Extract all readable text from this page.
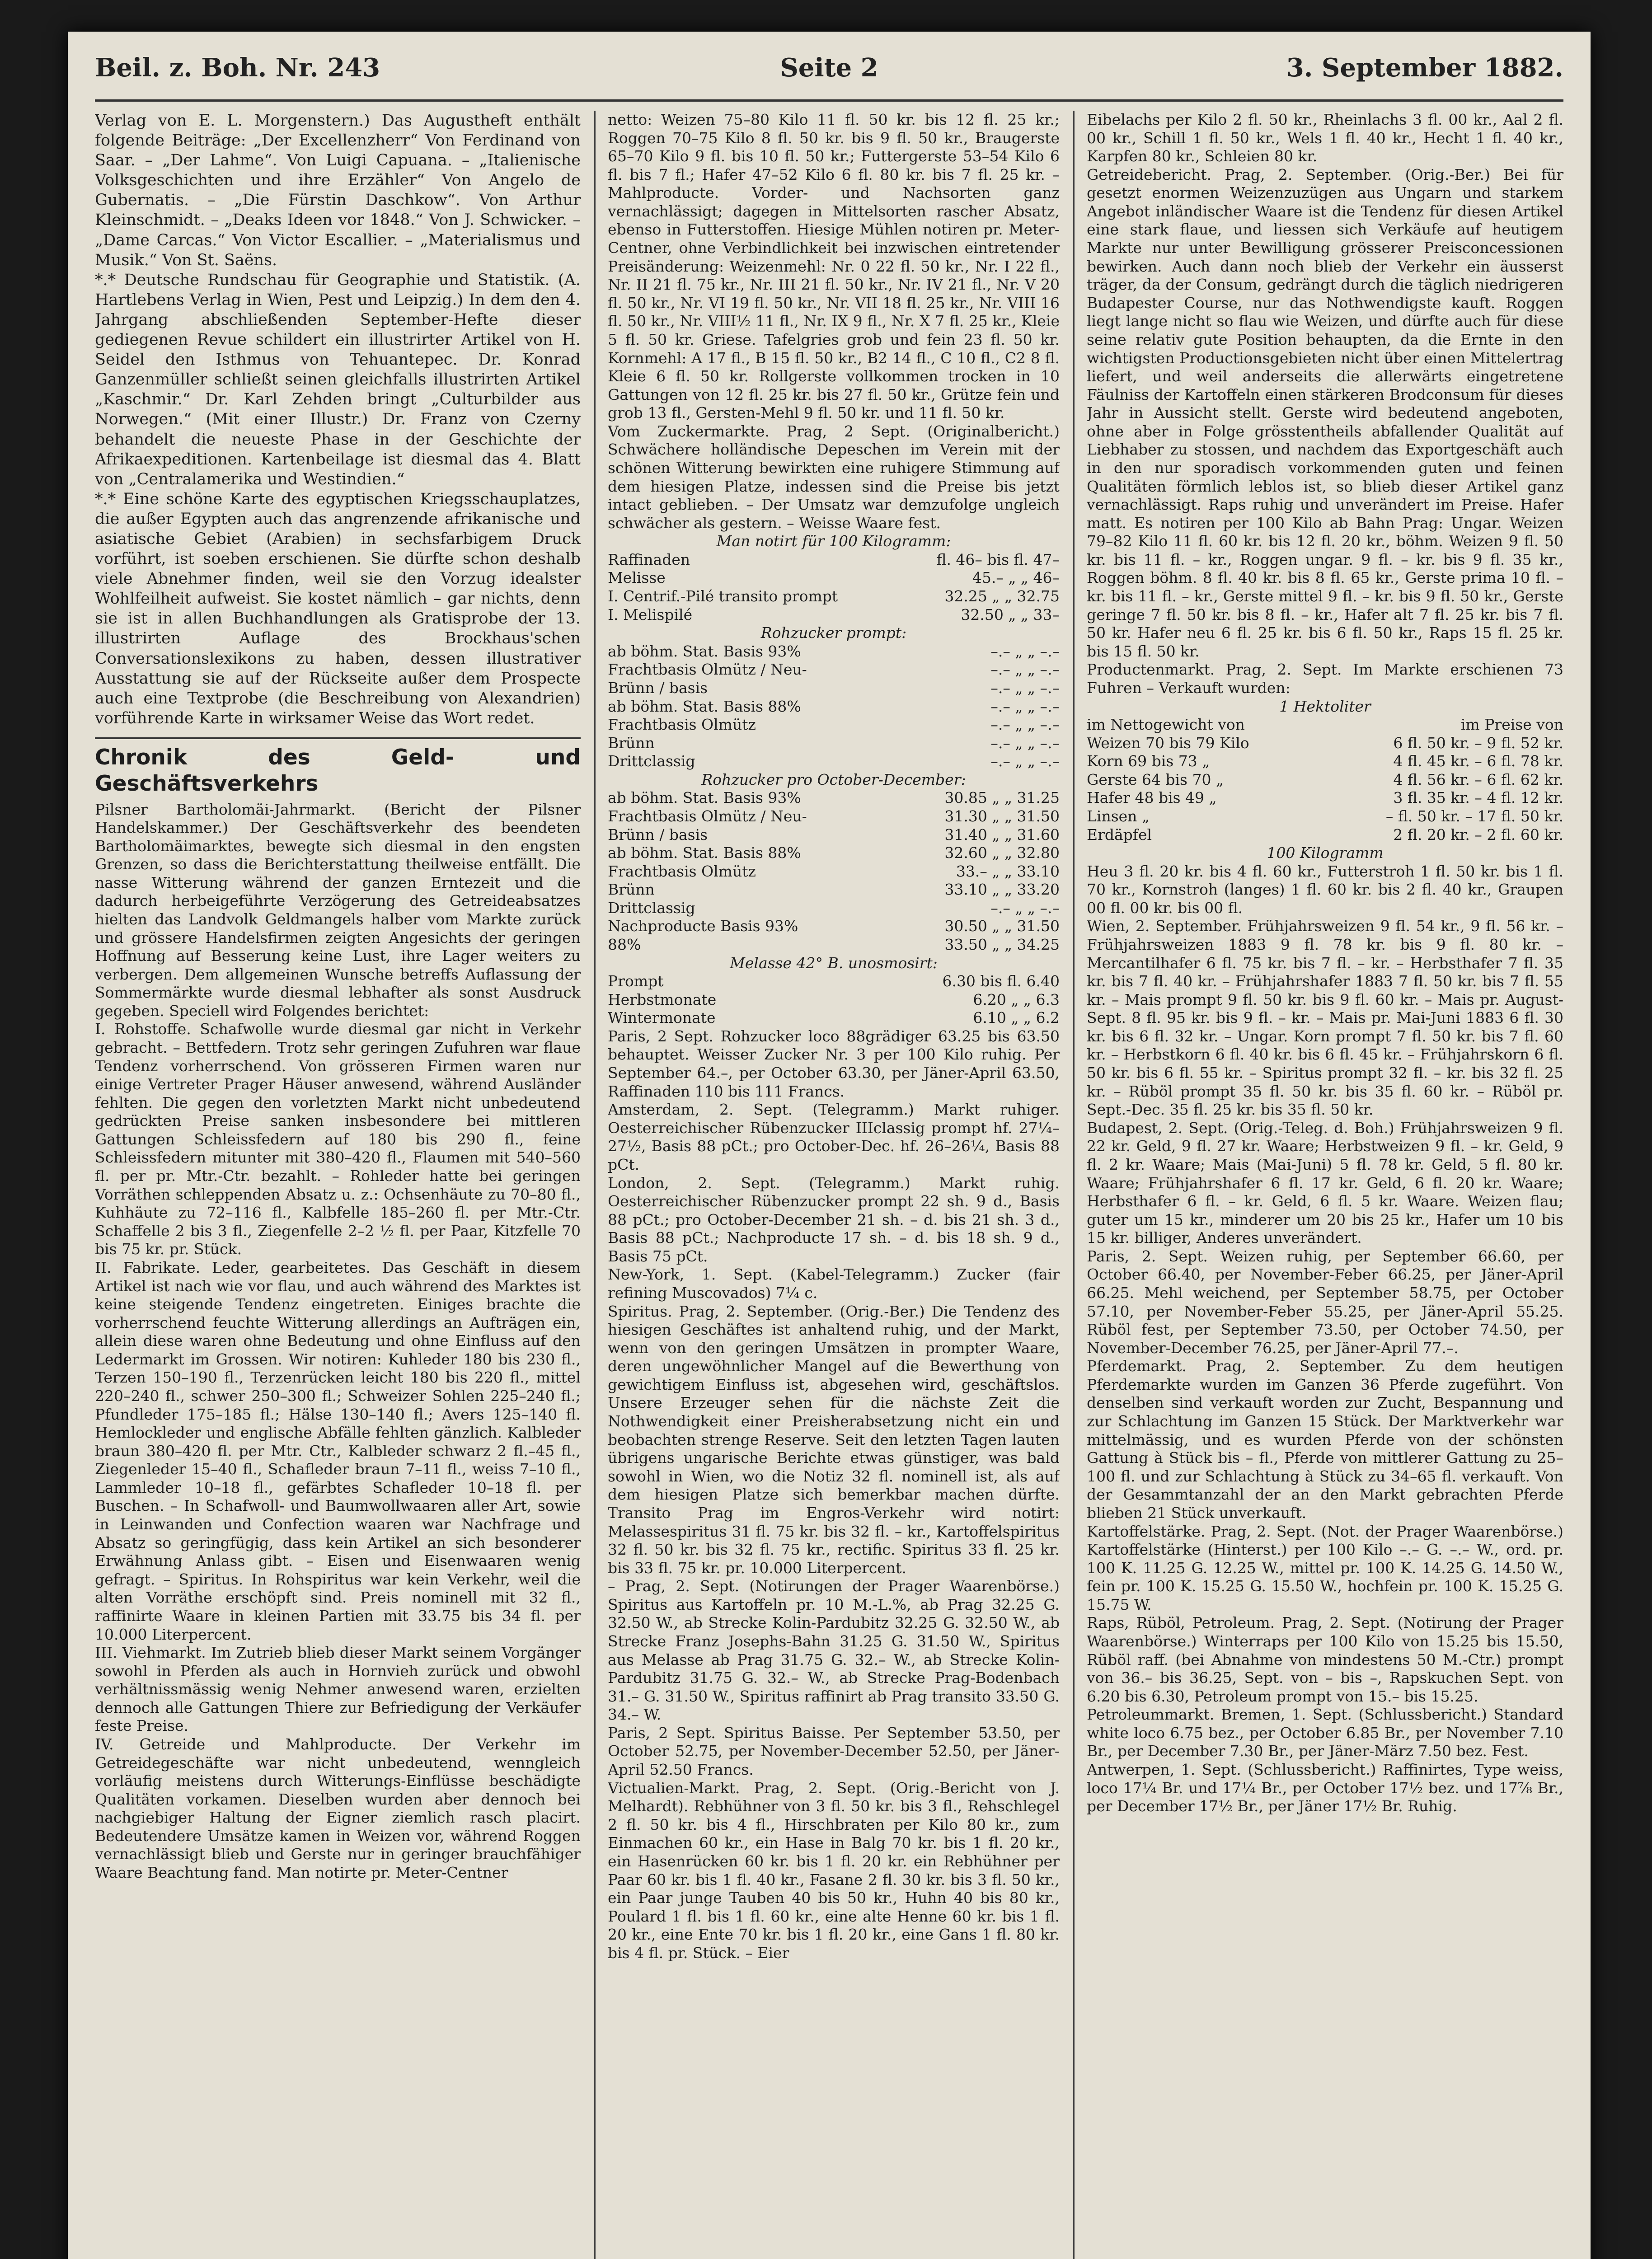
Beil. z. Boh. Nr. 243	Seite 2	3. September 1882.

Verlag von E. L. Morgenstern.) Das Augustheft enthält folgende Beiträge: „Der Excellenzherr“ Von Ferdinand von Saar. – „Der Lahme“. Von Luigi Capuana. – „Italienische Volksgeschichten und ihre Erzähler“ Von Angelo de Gubernatis. – „Die Fürstin Daschkow“. Von Arthur Kleinschmidt. – „Deaks Ideen vor 1848.“ Von J. Schwicker. – „Dame Carcas.“ Von Victor Escallier. – „Materialismus und Musik.“ Von St. Saëns.

*.* Deutsche Rundschau für Geographie und Statistik. (A. Hartlebens Verlag in Wien, Pest und Leipzig.) In dem den 4. Jahrgang abschließenden September-Hefte dieser gediegenen Revue schildert ein illustrirter Artikel von H. Seidel den Isthmus von Tehuantepec. Dr. Konrad Ganzenmüller schließt seinen gleichfalls illustrirten Artikel „Kaschmir.“ Dr. Karl Zehden bringt „Culturbilder aus Norwegen.“ (Mit einer Illustr.) Dr. Franz von Czerny behandelt die neueste Phase in der Geschichte der Afrikaexpeditionen. Kartenbeilage ist diesmal das 4. Blatt von „Centralamerika und Westindien.“

*.* Eine schöne Karte des egyptischen Kriegsschauplatzes, die außer Egypten auch das angrenzende afrikanische und asiatische Gebiet (Arabien) in sechsfarbigem Druck vorführt, ist soeben erschienen. Sie dürfte schon deshalb viele Abnehmer finden, weil sie den Vorzug idealster Wohlfeilheit aufweist. Sie kostet nämlich – gar nichts, denn sie ist in allen Buchhandlungen als Gratisprobe der 13. illustrirten Auflage des Brockhaus'schen Conversationslexikons zu haben, dessen illustrativer Ausstattung sie auf der Rückseite außer dem Prospecte auch eine Textprobe (die Beschreibung von Alexandrien) vorführende Karte in wirksamer Weise das Wort redet.

Chronik des Geld- und Geschäftsverkehrs

Pilsner Bartholomäi-Jahrmarkt. (Bericht der Pilsner Handelskammer.) Der Geschäftsverkehr des beendeten Bartholomäimarktes, bewegte sich diesmal in den engsten Grenzen, so dass die Berichterstattung theilweise entfällt. Die nasse Witterung während der ganzen Erntezeit und die dadurch herbeigeführte Verzögerung des Getreideabsatzes hielten das Landvolk Geldmangels halber vom Markte zurück und grössere Handelsfirmen zeigten Angesichts der geringen Hoffnung auf Besserung keine Lust, ihre Lager weiters zu verbergen. Dem allgemeinen Wunsche betreffs Auflassung der Sommermärkte wurde diesmal lebhafter als sonst Ausdruck gegeben. Speciell wird Folgendes berichtet:

I. Rohstoffe. Schafwolle wurde diesmal gar nicht in Verkehr gebracht. – Bettfedern. Trotz sehr geringen Zufuhren war flaue Tendenz vorherrschend. Von grösseren Firmen waren nur einige Vertreter Prager Häuser anwesend, während Ausländer fehlten. Die gegen den vorletzten Markt nicht unbedeutend gedrückten Preise sanken insbesondere bei mittleren Gattungen Schleissfedern auf 180 bis 290 fl., feine Schleissfedern mitunter mit 380–420 fl., Flaumen mit 540–560 fl. per pr. Mtr.-Ctr. bezahlt. – Rohleder hatte bei geringen Vorräthen schleppenden Absatz u. z.: Ochsenhäute zu 70–80 fl., Kuhhäute zu 72–116 fl., Kalbfelle 185–260 fl. per Mtr.-Ctr. Schaffelle 2 bis 3 fl., Ziegenfelle 2–2 ½ fl. per Paar, Kitzfelle 70 bis 75 kr. pr. Stück.

II. Fabrikate. Leder, gearbeitetes. Das Geschäft in diesem Artikel ist nach wie vor flau, und auch während des Marktes ist keine steigende Tendenz eingetreten. Einiges brachte die vorherrschend feuchte Witterung allerdings an Aufträgen ein, allein diese waren ohne Bedeutung und ohne Einfluss auf den Ledermarkt im Grossen. Wir notiren: Kuhleder 180 bis 230 fl., Terzen 150–190 fl., Terzenrücken leicht 180 bis 220 fl., mittel 220–240 fl., schwer 250–300 fl.; Schweizer Sohlen 225–240 fl.; Pfundleder 175–185 fl.; Hälse 130–140 fl.; Avers 125–140 fl. Hemlockleder und englische Abfälle fehlten gänzlich. Kalbleder braun 380–420 fl. per Mtr. Ctr., Kalbleder schwarz 2 fl.–45 fl., Ziegenleder 15–40 fl., Schafleder braun 7–11 fl., weiss 7–10 fl., Lammleder 10–18 fl., gefärbtes Schafleder 10–18 fl. per Buschen. – In Schafwoll- und Baumwollwaaren aller Art, sowie in Leinwanden und Confection waaren war Nachfrage und Absatz so geringfügig, dass kein Artikel an sich besonderer Erwähnung Anlass gibt. – Eisen und Eisenwaaren wenig gefragt. – Spiritus. In Rohspiritus war kein Verkehr, weil die alten Vorräthe erschöpft sind. Preis nominell mit 32 fl., raffinirte Waare in kleinen Partien mit 33.75 bis 34 fl. per 10.000 Literpercent.

III. Viehmarkt. Im Zutrieb blieb dieser Markt seinem Vorgänger sowohl in Pferden als auch in Hornvieh zurück und obwohl verhältnissmässig wenig Nehmer anwesend waren, erzielten dennoch alle Gattungen Thiere zur Befriedigung der Verkäufer feste Preise.

IV. Getreide und Mahlproducte. Der Verkehr im Getreidegeschäfte war nicht unbedeutend, wenngleich vorläufig meistens durch Witterungs-Einflüsse beschädigte Qualitäten vorkamen. Dieselben wurden aber dennoch bei nachgiebiger Haltung der Eigner ziemlich rasch placirt. Bedeutendere Umsätze kamen in Weizen vor, während Roggen vernachlässigt blieb und Gerste nur in geringer brauchfähiger Waare Beachtung fand. Man notirte pr. Meter-Centner

netto: Weizen 75–80 Kilo 11 fl. 50 kr. bis 12 fl. 25 kr.; Roggen 70–75 Kilo 8 fl. 50 kr. bis 9 fl. 50 kr., Braugerste 65–70 Kilo 9 fl. bis 10 fl. 50 kr.; Futtergerste 53–54 Kilo 6 fl. bis 7 fl.; Hafer 47–52 Kilo 6 fl. 80 kr. bis 7 fl. 25 kr. – Mahlproducte. Vorder- und Nachsorten ganz vernachlässigt; dagegen in Mittelsorten rascher Absatz, ebenso in Futterstoffen. Hiesige Mühlen notiren pr. Meter-Centner, ohne Verbindlichkeit bei inzwischen eintretender Preisänderung: Weizenmehl: Nr. 0 22 fl. 50 kr., Nr. I 22 fl., Nr. II 21 fl. 75 kr., Nr. III 21 fl. 50 kr., Nr. IV 21 fl., Nr. V 20 fl. 50 kr., Nr. VI 19 fl. 50 kr., Nr. VII 18 fl. 25 kr., Nr. VIII 16 fl. 50 kr., Nr. VIII½ 11 fl., Nr. IX 9 fl., Nr. X 7 fl. 25 kr., Kleie 5 fl. 50 kr. Griese. Tafelgries grob und fein 23 fl. 50 kr. Kornmehl: A 17 fl., B 15 fl. 50 kr., B2 14 fl., C 10 fl., C2 8 fl. Kleie 6 fl. 50 kr. Rollgerste vollkommen trocken in 10 Gattungen von 12 fl. 25 kr. bis 27 fl. 50 kr., Grütze fein und grob 13 fl., Gersten-Mehl 9 fl. 50 kr. und 11 fl. 50 kr.

Vom Zuckermarkte. Prag, 2 Sept. (Originalbericht.) Schwächere holländische Depeschen im Verein mit der schönen Witterung bewirkten eine ruhigere Stimmung auf dem hiesigen Platze, indessen sind die Preise bis jetzt intact geblieben. – Der Umsatz war demzufolge ungleich schwächer als gestern. – Weisse Waare fest.

Man notirt für 100 Kilogramm:

Raffinaden	fl. 46– bis fl. 47–
Melisse	45.– „ „ 46–
I. Centrif.-Pilé transito prompt	32.25 „ „ 32.75
I. Melispilé	32.50 „ „ 33–

Rohzucker prompt:

ab böhm. Stat. Basis 93%	–.– „ „ –.–
Frachtbasis Olmütz / Neu-	–.– „ „ –.–
Brünn / basis	–.– „ „ –.–
ab böhm. Stat. Basis 88%	–.– „ „ –.–
Frachtbasis Olmütz	–.– „ „ –.–
Brünn	–.– „ „ –.–
Drittclassig	–.– „ „ –.–

Rohzucker pro October-December:

ab böhm. Stat. Basis 93%	30.85 „ „ 31.25
Frachtbasis Olmütz / Neu-	31.30 „ „ 31.50
Brünn / basis	31.40 „ „ 31.60
ab böhm. Stat. Basis 88%	32.60 „ „ 32.80
Frachtbasis Olmütz	33.– „ „ 33.10
Brünn	33.10 „ „ 33.20
Drittclassig	–.– „ „ –.–
Nachproducte Basis 93%	30.50 „ „ 31.50
88%	33.50 „ „ 34.25

Melasse 42° B. unosmosirt:

Prompt	6.30 bis fl. 6.40
Herbstmonate	6.20 „ „ 6.3
Wintermonate	6.10 „ „ 6.2

Paris, 2 Sept. Rohzucker loco 88grädiger 63.25 bis 63.50 behauptet. Weisser Zucker Nr. 3 per 100 Kilo ruhig. Per September 64.–, per October 63.30, per Jäner-April 63.50, Raffinaden 110 bis 111 Francs.

Amsterdam, 2. Sept. (Telegramm.) Markt ruhiger. Oesterreichischer Rübenzucker IIIclassig prompt hf. 27¼–27½, Basis 88 pCt.; pro October-Dec. hf. 26–26¼, Basis 88 pCt.

London, 2. Sept. (Telegramm.) Markt ruhig. Oesterreichischer Rübenzucker prompt 22 sh. 9 d., Basis 88 pCt.; pro October-December 21 sh. – d. bis 21 sh. 3 d., Basis 88 pCt.; Nachproducte 17 sh. – d. bis 18 sh. 9 d., Basis 75 pCt.

New-York, 1. Sept. (Kabel-Telegramm.) Zucker (fair refining Muscovados) 7¼ c.

Spiritus. Prag, 2. September. (Orig.-Ber.) Die Tendenz des hiesigen Geschäftes ist anhaltend ruhig, und der Markt, wenn von den geringen Umsätzen in prompter Waare, deren ungewöhnlicher Mangel auf die Bewerthung von gewichtigem Einfluss ist, abgesehen wird, geschäftslos. Unsere Erzeuger sehen für die nächste Zeit die Nothwendigkeit einer Preisherabsetzung nicht ein und beobachten strenge Reserve. Seit den letzten Tagen lauten übrigens ungarische Berichte etwas günstiger, was bald sowohl in Wien, wo die Notiz 32 fl. nominell ist, als auf dem hiesigen Platze sich bemerkbar machen dürfte. Transito Prag im Engros-Verkehr wird notirt: Melassespiritus 31 fl. 75 kr. bis 32 fl. – kr., Kartoffelspiritus 32 fl. 50 kr. bis 32 fl. 75 kr., rectific. Spiritus 33 fl. 25 kr. bis 33 fl. 75 kr. pr. 10.000 Literpercent.

– Prag, 2. Sept. (Notirungen der Prager Waarenbörse.) Spiritus aus Kartoffeln pr. 10 M.-L.%, ab Prag 32.25 G. 32.50 W., ab Strecke Kolin-Pardubitz 32.25 G. 32.50 W., ab Strecke Franz Josephs-Bahn 31.25 G. 31.50 W., Spiritus aus Melasse ab Prag 31.75 G. 32.– W., ab Strecke Kolin-Pardubitz 31.75 G. 32.– W., ab Strecke Prag-Bodenbach 31.– G. 31.50 W., Spiritus raffinirt ab Prag transito 33.50 G. 34.– W.

Paris, 2 Sept. Spiritus Baisse. Per September 53.50, per October 52.75, per November-December 52.50, per Jäner-April 52.50 Francs.

Victualien-Markt. Prag, 2. Sept. (Orig.-Bericht von J. Melhardt). Rebhühner von 3 fl. 50 kr. bis 3 fl., Rehschlegel 2 fl. 50 kr. bis 4 fl., Hirschbraten per Kilo 80 kr., zum Einmachen 60 kr., ein Hase in Balg 70 kr. bis 1 fl. 20 kr., ein Hasenrücken 60 kr. bis 1 fl. 20 kr. ein Rebhühner per Paar 60 kr. bis 1 fl. 40 kr., Fasane 2 fl. 30 kr. bis 3 fl. 50 kr., ein Paar junge Tauben 40 bis 50 kr., Huhn 40 bis 80 kr., Poulard 1 fl. bis 1 fl. 60 kr., eine alte Henne 60 kr. bis 1 fl. 20 kr., eine Ente 70 kr. bis 1 fl. 20 kr., eine Gans 1 fl. 80 kr. bis 4 fl. pr. Stück. – Eier

Eibelachs per Kilo 2 fl. 50 kr., Rheinlachs 3 fl. 00 kr., Aal 2 fl. 00 kr., Schill 1 fl. 50 kr., Wels 1 fl. 40 kr., Hecht 1 fl. 40 kr., Karpfen 80 kr., Schleien 80 kr.

Getreidebericht. Prag, 2. September. (Orig.-Ber.) Bei für gesetzt enormen Weizenzuzügen aus Ungarn und starkem Angebot inländischer Waare ist die Tendenz für diesen Artikel eine stark flaue, und liessen sich Verkäufe auf heutigem Markte nur unter Bewilligung grösserer Preisconcessionen bewirken. Auch dann noch blieb der Verkehr ein äusserst träger, da der Consum, gedrängt durch die täglich niedrigeren Budapester Course, nur das Nothwendigste kauft. Roggen liegt lange nicht so flau wie Weizen, und dürfte auch für diese seine relativ gute Position behaupten, da die Ernte in den wichtigsten Productionsgebieten nicht über einen Mittelertrag liefert, und weil anderseits die allerwärts eingetretene Fäulniss der Kartoffeln einen stärkeren Brodconsum für dieses Jahr in Aussicht stellt. Gerste wird bedeutend angeboten, ohne aber in Folge grösstentheils abfallender Qualität auf Liebhaber zu stossen, und nachdem das Exportgeschäft auch in den nur sporadisch vorkommenden guten und feinen Qualitäten förmlich leblos ist, so blieb dieser Artikel ganz vernachlässigt. Raps ruhig und unverändert im Preise. Hafer matt. Es notiren per 100 Kilo ab Bahn Prag: Ungar. Weizen 79–82 Kilo 11 fl. 60 kr. bis 12 fl. 20 kr., böhm. Weizen 9 fl. 50 kr. bis 11 fl. – kr., Roggen ungar. 9 fl. – kr. bis 9 fl. 35 kr., Roggen böhm. 8 fl. 40 kr. bis 8 fl. 65 kr., Gerste prima 10 fl. – kr. bis 11 fl. – kr., Gerste mittel 9 fl. – kr. bis 9 fl. 50 kr., Gerste geringe 7 fl. 50 kr. bis 8 fl. – kr., Hafer alt 7 fl. 25 kr. bis 7 fl. 50 kr. Hafer neu 6 fl. 25 kr. bis 6 fl. 50 kr., Raps 15 fl. 25 kr. bis 15 fl. 50 kr.

Productenmarkt. Prag, 2. Sept. Im Markte erschienen 73 Fuhren – Verkauft wurden:

1 Hektoliter

im Nettogewicht von	im Preise von
Weizen 70 bis 79 Kilo	6 fl. 50 kr. – 9 fl. 52 kr.
Korn 69 bis 73 „	4 fl. 45 kr. – 6 fl. 78 kr.
Gerste 64 bis 70 „	4 fl. 56 kr. – 6 fl. 62 kr.
Hafer 48 bis 49 „	3 fl. 35 kr. – 4 fl. 12 kr.
Linsen „	– fl. 50 kr. – 17 fl. 50 kr.
Erdäpfel	2 fl. 20 kr. – 2 fl. 60 kr.

100 Kilogramm

Heu 3 fl. 20 kr. bis 4 fl. 60 kr., Futterstroh 1 fl. 50 kr. bis 1 fl. 70 kr., Kornstroh (langes) 1 fl. 60 kr. bis 2 fl. 40 kr., Graupen 00 fl. 00 kr. bis 00 fl.

Wien, 2. September. Frühjahrsweizen 9 fl. 54 kr., 9 fl. 56 kr. – Frühjahrsweizen 1883 9 fl. 78 kr. bis 9 fl. 80 kr. – Mercantilhafer 6 fl. 75 kr. bis 7 fl. – kr. – Herbsthafer 7 fl. 35 kr. bis 7 fl. 40 kr. – Frühjahrshafer 1883 7 fl. 50 kr. bis 7 fl. 55 kr. – Mais prompt 9 fl. 50 kr. bis 9 fl. 60 kr. – Mais pr. August-Sept. 8 fl. 95 kr. bis 9 fl. – kr. – Mais pr. Mai-Juni 1883 6 fl. 30 kr. bis 6 fl. 32 kr. – Ungar. Korn prompt 7 fl. 50 kr. bis 7 fl. 60 kr. – Herbstkorn 6 fl. 40 kr. bis 6 fl. 45 kr. – Frühjahrskorn 6 fl. 50 kr. bis 6 fl. 55 kr. – Spiritus prompt 32 fl. – kr. bis 32 fl. 25 kr. – Rüböl prompt 35 fl. 50 kr. bis 35 fl. 60 kr. – Rüböl pr. Sept.-Dec. 35 fl. 25 kr. bis 35 fl. 50 kr.

Budapest, 2. Sept. (Orig.-Teleg. d. Boh.) Frühjahrsweizen 9 fl. 22 kr. Geld, 9 fl. 27 kr. Waare; Herbstweizen 9 fl. – kr. Geld, 9 fl. 2 kr. Waare; Mais (Mai-Juni) 5 fl. 78 kr. Geld, 5 fl. 80 kr. Waare; Frühjahrshafer 6 fl. 17 kr. Geld, 6 fl. 20 kr. Waare; Herbsthafer 6 fl. – kr. Geld, 6 fl. 5 kr. Waare. Weizen flau; guter um 15 kr., minderer um 20 bis 25 kr., Hafer um 10 bis 15 kr. billiger, Anderes unverändert.

Paris, 2. Sept. Weizen ruhig, per September 66.60, per October 66.40, per November-Feber 66.25, per Jäner-April 66.25. Mehl weichend, per September 58.75, per October 57.10, per November-Feber 55.25, per Jäner-April 55.25. Rüböl fest, per September 73.50, per October 74.50, per November-December 76.25, per Jäner-April 77.–.

Pferdemarkt. Prag, 2. September. Zu dem heutigen Pferdemarkte wurden im Ganzen 36 Pferde zugeführt. Von denselben sind verkauft worden zur Zucht, Bespannung und zur Schlachtung im Ganzen 15 Stück. Der Marktverkehr war mittelmässig, und es wurden Pferde von der schönsten Gattung à Stück bis – fl., Pferde von mittlerer Gattung zu 25–100 fl. und zur Schlachtung à Stück zu 34–65 fl. verkauft. Von der Gesammtanzahl der an den Markt gebrachten Pferde blieben 21 Stück unverkauft.

Kartoffelstärke. Prag, 2. Sept. (Not. der Prager Waarenbörse.) Kartoffelstärke (Hinterst.) per 100 Kilo –.– G. –.– W., ord. pr. 100 K. 11.25 G. 12.25 W., mittel pr. 100 K. 14.25 G. 14.50 W., fein pr. 100 K. 15.25 G. 15.50 W., hochfein pr. 100 K. 15.25 G. 15.75 W.

Raps, Rüböl, Petroleum. Prag, 2. Sept. (Notirung der Prager Waarenbörse.) Winterraps per 100 Kilo von 15.25 bis 15.50, Rüböl raff. (bei Abnahme von mindestens 50 M.-Ctr.) prompt von 36.– bis 36.25, Sept. von – bis –, Rapskuchen Sept. von 6.20 bis 6.30, Petroleum prompt von 15.– bis 15.25.

Petroleummarkt. Bremen, 1. Sept. (Schlussbericht.) Standard white loco 6.75 bez., per October 6.85 Br., per November 7.10 Br., per December 7.30 Br., per Jäner-März 7.50 bez. Fest.

Antwerpen, 1. Sept. (Schlussbericht.) Raffinirtes, Type weiss, loco 17¼ Br. und 17¼ Br., per October 17½ bez. und 17⅞ Br., per December 17½ Br., per Jäner 17½ Br. Ruhig.
